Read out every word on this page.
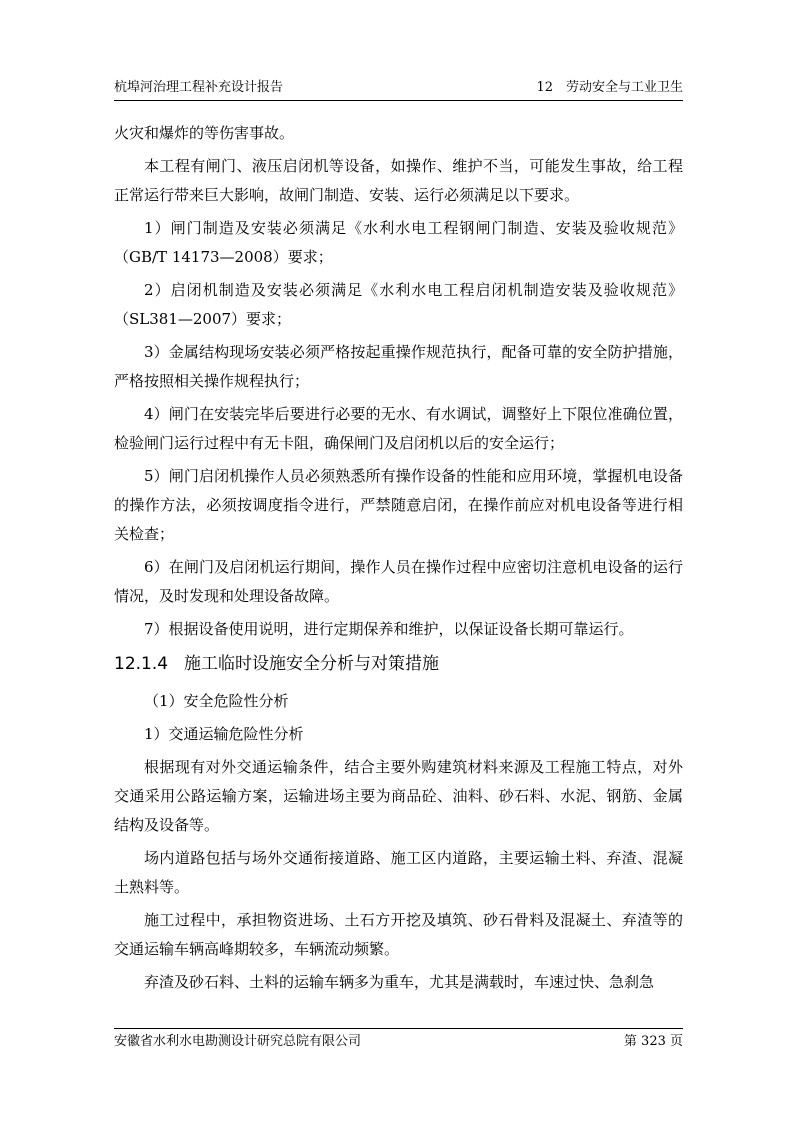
杭埠河治理工程补充设计报告	12　劳动安全与工业卫生

火灾和爆炸的等伤害事故。

本工程有闸门、液压启闭机等设备，如操作、维护不当，可能发生事故，给工程正常运行带来巨大影响，故闸门制造、安装、运行必须满足以下要求。

1）闸门制造及安装必须满足《水利水电工程钢闸门制造、安装及验收规范》（GB/T 14173—2008）要求；

2）启闭机制造及安装必须满足《水利水电工程启闭机制造安装及验收规范》（SL381—2007）要求；

3）金属结构现场安装必须严格按起重操作规范执行，配备可靠的安全防护措施，严格按照相关操作规程执行；

4）闸门在安装完毕后要进行必要的无水、有水调试，调整好上下限位准确位置，检验闸门运行过程中有无卡阻，确保闸门及启闭机以后的安全运行；

5）闸门启闭机操作人员必须熟悉所有操作设备的性能和应用环境，掌握机电设备的操作方法，必须按调度指令进行，严禁随意启闭，在操作前应对机电设备等进行相关检查；

6）在闸门及启闭机运行期间，操作人员在操作过程中应密切注意机电设备的运行情况，及时发现和处理设备故障。

7）根据设备使用说明，进行定期保养和维护，以保证设备长期可靠运行。

12.1.4 施工临时设施安全分析与对策措施

（1）安全危险性分析

1）交通运输危险性分析

根据现有对外交通运输条件，结合主要外购建筑材料来源及工程施工特点，对外交通采用公路运输方案，运输进场主要为商品砼、油料、砂石料、水泥、钢筋、金属结构及设备等。

场内道路包括与场外交通衔接道路、施工区内道路，主要运输土料、弃渣、混凝土熟料等。

施工过程中，承担物资进场、土石方开挖及填筑、砂石骨料及混凝土、弃渣等的交通运输车辆高峰期较多，车辆流动频繁。

弃渣及砂石料、土料的运输车辆多为重车，尤其是满载时，车速过快、急刹急

安徽省水利水电勘测设计研究总院有限公司	第 323 页
